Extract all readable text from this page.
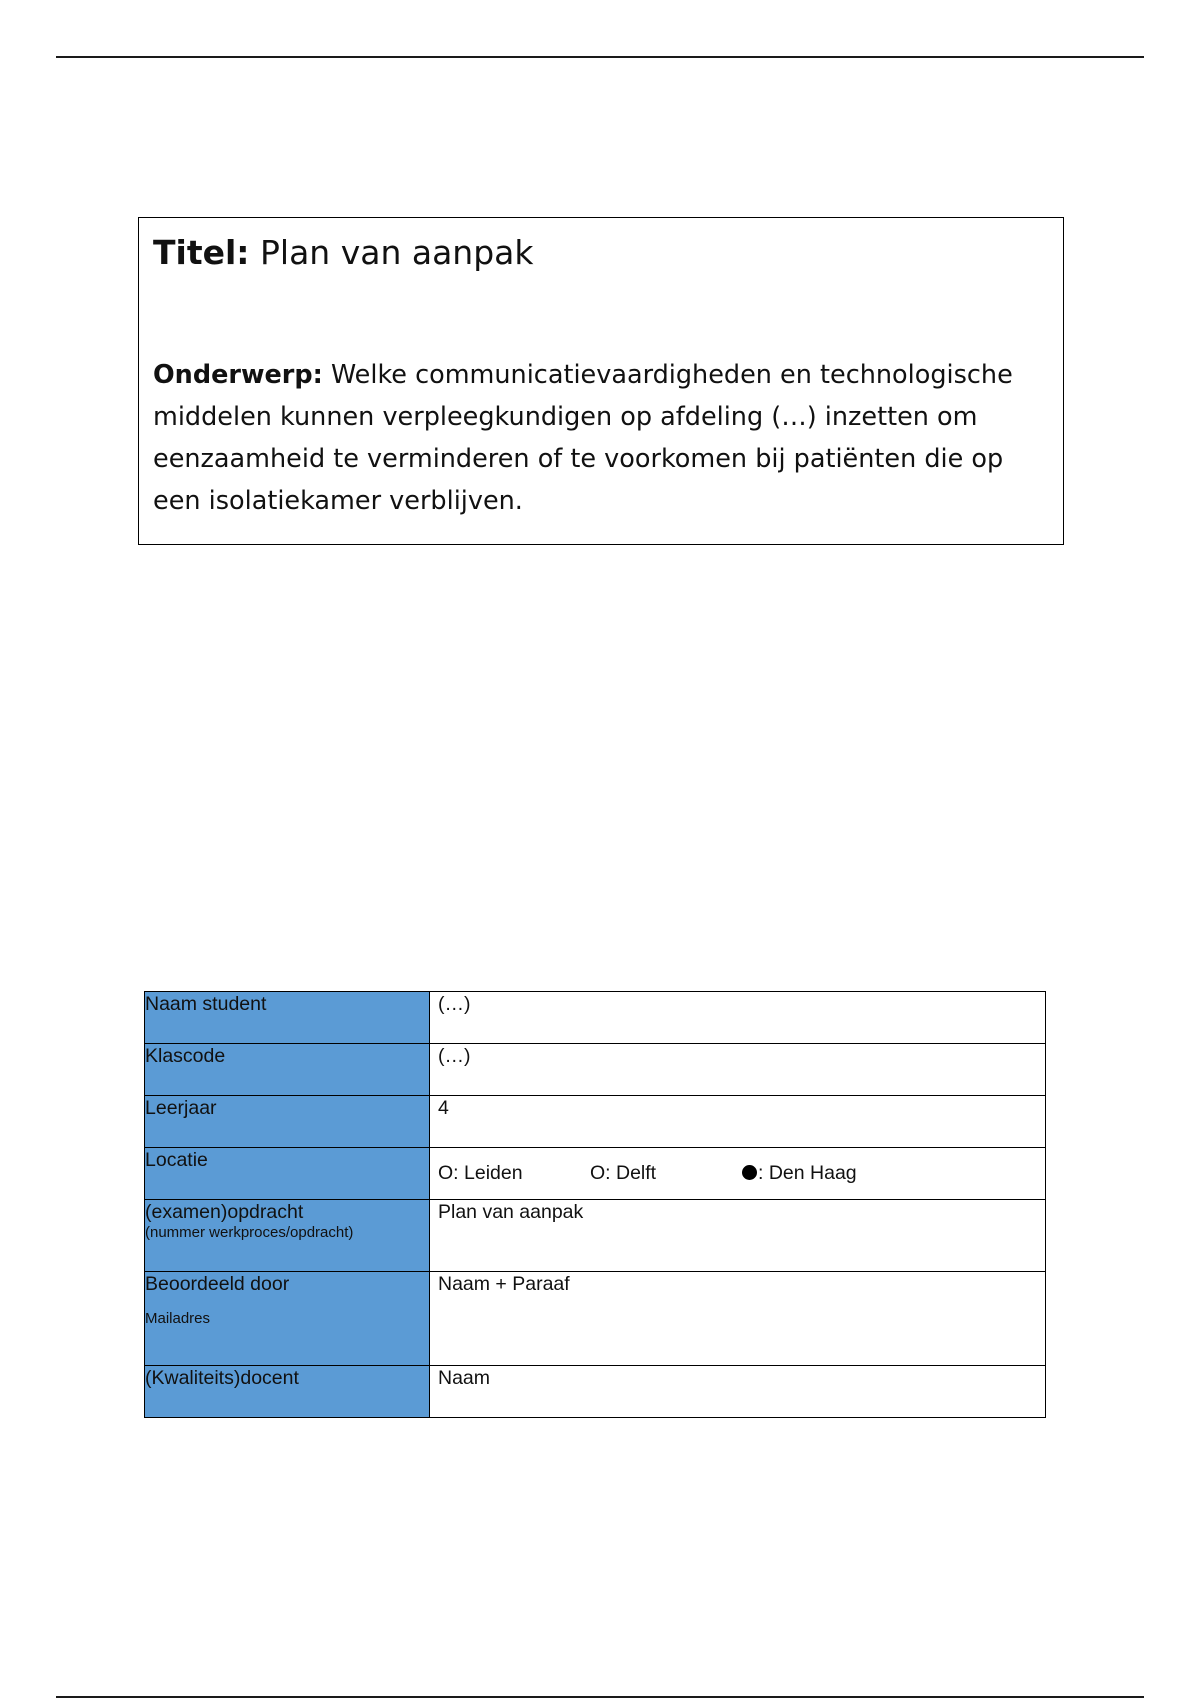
Titel: Plan van aanpak

Onderwerp: Welke communicatievaardigheden en technologische middelen kunnen verpleegkundigen op afdeling (…) inzetten om eenzaamheid te verminderen of te voorkomen bij patiënten die op een isolatiekamer verblijven.
Naam student	(…)

Klascode	(…)

Leerjaar	4

Locatie	O: Leiden O: Delft : Den Haag

(examen)opdracht
(nummer werkproces/opdracht)	Plan van aanpak

Beoordeeld door
Mailadres	Naam + Paraaf

(Kwaliteits)docent	Naam
